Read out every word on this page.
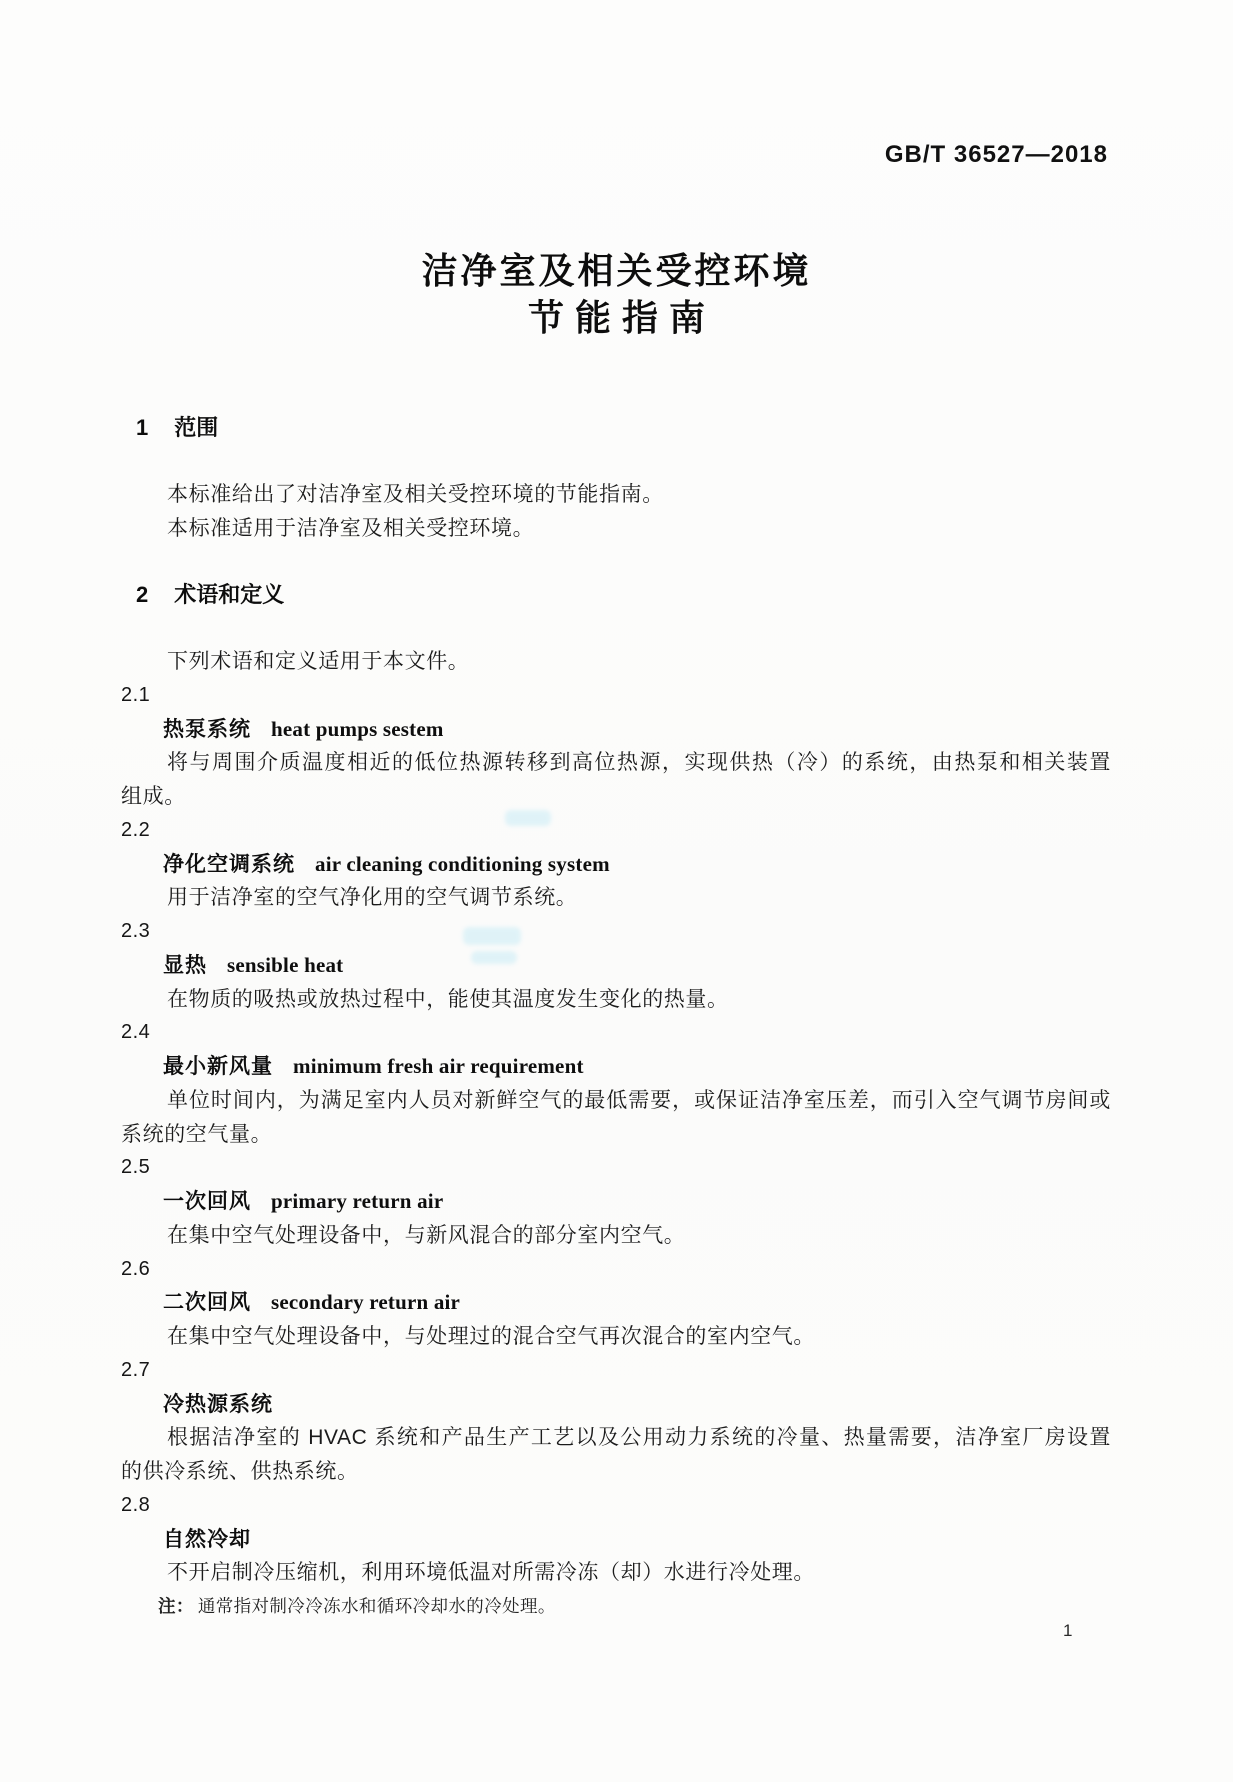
GB/T 36527—2018
洁净室及相关受控环境
节能指南
1 范围
本标准给出了对洁净室及相关受控环境的节能指南。
本标准适用于洁净室及相关受控环境。
2 术语和定义
下列术语和定义适用于本文件。
2.1
热泵系统 heat pumps sestem
将与周围介质温度相近的低位热源转移到高位热源，实现供热（冷）的系统，由热泵和相关装置
组成。
2.2
净化空调系统 air cleaning conditioning system
用于洁净室的空气净化用的空气调节系统。
2.3
显热 sensible heat
在物质的吸热或放热过程中，能使其温度发生变化的热量。
2.4
最小新风量 minimum fresh air requirement
单位时间内，为满足室内人员对新鲜空气的最低需要，或保证洁净室压差，而引入空气调节房间或
系统的空气量。
2.5
一次回风 primary return air
在集中空气处理设备中，与新风混合的部分室内空气。
2.6
二次回风 secondary return air
在集中空气处理设备中，与处理过的混合空气再次混合的室内空气。
2.7
冷热源系统
根据洁净室的 HVAC 系统和产品生产工艺以及公用动力系统的冷量、热量需要，洁净室厂房设置
的供冷系统、供热系统。
2.8
自然冷却
不开启制冷压缩机，利用环境低温对所需冷冻（却）水进行冷处理。
注： 通常指对制冷冷冻水和循环冷却水的冷处理。
1
